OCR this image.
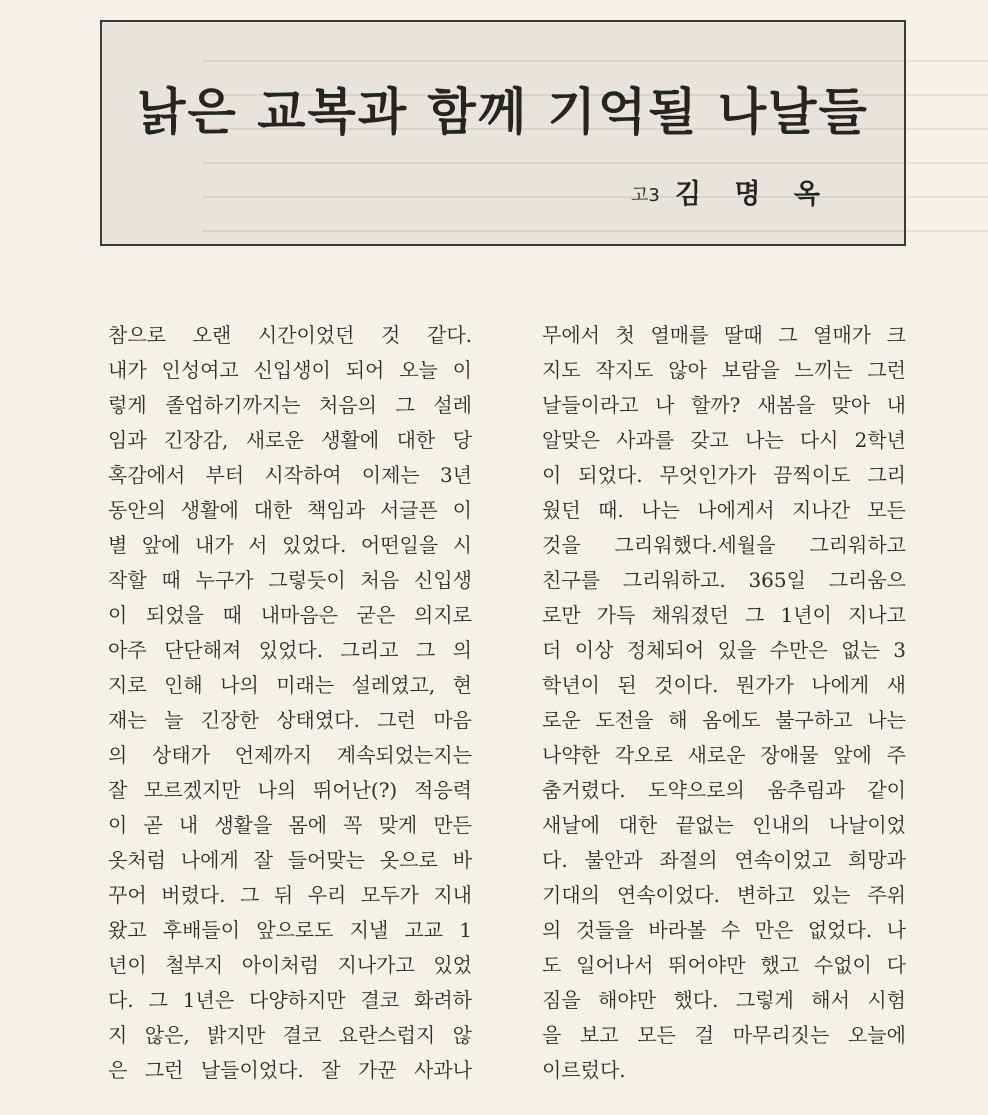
낡은 교복과 함께 기억될 나날들
고3 김 명 옥
참으로 오랜 시간이었던 것 같다.
내가 인성여고 신입생이 되어 오늘 이
렇게 졸업하기까지는 처음의 그 설레
임과 긴장감, 새로운 생활에 대한 당
혹감에서 부터 시작하여 이제는 3년
동안의 생활에 대한 책임과 서글픈 이
별 앞에 내가 서 있었다. 어떤일을 시
작할 때 누구가 그렇듯이 처음 신입생
이 되었을 때 내마음은 굳은 의지로
아주 단단해져 있었다. 그리고 그 의
지로 인해 나의 미래는 설레였고, 현
재는 늘 긴장한 상태였다. 그런 마음
의 상태가 언제까지 계속되었는지는
잘 모르겠지만 나의 뛰어난(?) 적응력
이 곧 내 생활을 몸에 꼭 맞게 만든
옷처럼 나에게 잘 들어맞는 옷으로 바
꾸어 버렸다. 그 뒤 우리 모두가 지내
왔고 후배들이 앞으로도 지낼 고교 1
년이 철부지 아이처럼 지나가고 있었
다. 그 1년은 다양하지만 결코 화려하
지 않은, 밝지만 결코 요란스럽지 않
은 그런 날들이었다. 잘 가꾼 사과나
무에서 첫 열매를 딸때 그 열매가 크
지도 작지도 않아 보람을 느끼는 그런
날들이라고 나 할까? 새봄을 맞아 내
알맞은 사과를 갖고 나는 다시 2학년
이 되었다. 무엇인가가 끔찍이도 그리
웠던 때. 나는 나에게서 지나간 모든
것을 그리워했다.세월을 그리워하고
친구를 그리워하고. 365일 그리움으
로만 가득 채워졌던 그 1년이 지나고
더 이상 정체되어 있을 수만은 없는 3
학년이 된 것이다. 뭔가가 나에게 새
로운 도전을 해 옴에도 불구하고 나는
나약한 각오로 새로운 장애물 앞에 주
춤거렸다. 도약으로의 움추림과 같이
새날에 대한 끝없는 인내의 나날이었
다. 불안과 좌절의 연속이었고 희망과
기대의 연속이었다. 변하고 있는 주위
의 것들을 바라볼 수 만은 없었다. 나
도 일어나서 뛰어야만 했고 수없이 다
짐을 해야만 했다. 그렇게 해서 시험
을 보고 모든 걸 마무리짓는 오늘에
이르렀다.
